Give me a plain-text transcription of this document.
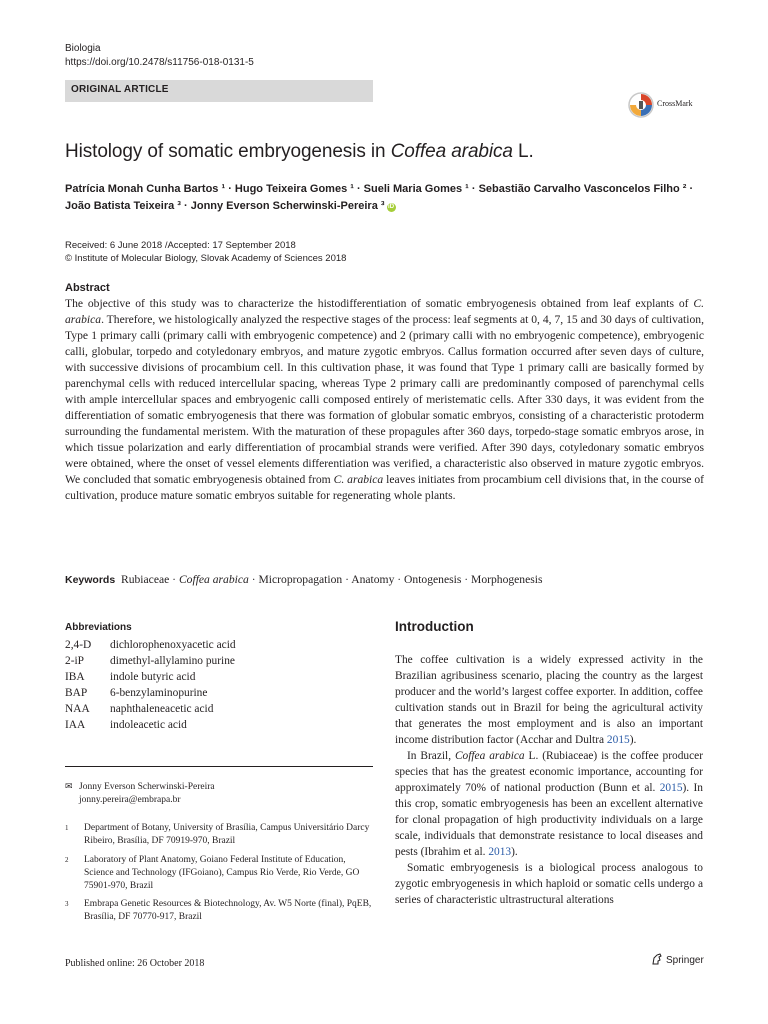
Biologia
https://doi.org/10.2478/s11756-018-0131-5
ORIGINAL ARTICLE
CrossMark
Histology of somatic embryogenesis in Coffea arabica L.
Patrícia Monah Cunha Bartos ¹ · Hugo Teixeira Gomes ¹ · Sueli Maria Gomes ¹ · Sebastião Carvalho Vasconcelos Filho ² ·
João Batista Teixeira ³ · Jonny Everson Scherwinski-Pereira ³ iD
Received: 6 June 2018 /Accepted: 17 September 2018
© Institute of Molecular Biology, Slovak Academy of Sciences 2018
Abstract
The objective of this study was to characterize the histodifferentiation of somatic embryogenesis obtained from leaf explants of C. arabica. Therefore, we histologically analyzed the respective stages of the process: leaf segments at 0, 4, 7, 15 and 30 days of cultivation, Type 1 primary calli (primary calli with embryogenic competence) and 2 (primary calli with no embryogenic competence), embryogenic calli, globular, torpedo and cotyledonary embryos, and mature zygotic embryos. Callus formation occurred after seven days of culture, with successive divisions of procambium cell. In this cultivation phase, it was found that Type 1 primary calli are basically formed by parenchymal cells with reduced intercellular spacing, whereas Type 2 primary calli are predominantly composed of parenchymal cells with ample intercellular spaces and embryogenic calli composed entirely of meristematic cells. After 330 days, it was evident from the differentiation of somatic embryogenesis that there was formation of globular somatic embryos, consisting of a characteristic protoderm surrounding the fundamental meristem. With the maturation of these propagules after 360 days, torpedo-stage somatic embryos arose, in which tissue polarization and early differentiation of procambial strands were verified. After 390 days, cotyledonary somatic embryos were obtained, where the onset of vessel elements differentiation was verified, a characteristic also observed in mature zygotic embryos. We concluded that somatic embryogenesis obtained from C. arabica leaves initiates from procambium cell divisions that, in the course of cultivation, produce mature somatic embryos suitable for regenerating whole plants.
Keywords Rubiaceae · Coffea arabica · Micropropagation · Anatomy · Ontogenesis · Morphogenesis
Abbreviations
2,4-D	dichlorophenoxyacetic acid
2-iP	dimethyl-allylamino purine
IBA	indole butyric acid
BAP	6-benzylaminopurine
NAA	naphthaleneacetic acid
IAA	indoleacetic acid
✉ Jonny Everson Scherwinski-Pereira
jonny.pereira@embrapa.br
1 Department of Botany, University of Brasília, Campus Universitário Darcy Ribeiro, Brasília, DF 70919-970, Brazil
2 Laboratory of Plant Anatomy, Goiano Federal Institute of Education, Science and Technology (IFGoiano), Campus Rio Verde, Rio Verde, GO 75901-970, Brazil
3 Embrapa Genetic Resources & Biotechnology, Av. W5 Norte (final), PqEB, Brasília, DF 70770-917, Brazil
Published online: 26 October 2018	Springer
Introduction

The coffee cultivation is a widely expressed activity in the Brazilian agribusiness scenario, placing the country as the largest producer and the world’s largest coffee exporter. In addition, coffee cultivation stands out in Brazil for being the agricultural activity that generates the most employment and is also an important income distribution factor (Acchar and Dultra 2015).

In Brazil, Coffea arabica L. (Rubiaceae) is the coffee producer species that has the greatest economic importance, accounting for approximately 70% of national production (Bunn et al. 2015). In this crop, somatic embryogenesis has been an excellent alternative for clonal propagation of high productivity individuals on a large scale, individuals that demonstrate resistance to local diseases and pests (Ibrahim et al. 2013).

Somatic embryogenesis is a biological process analogous to zygotic embryogenesis in which haploid or somatic cells undergo a series of characteristic ultrastructural alterations
